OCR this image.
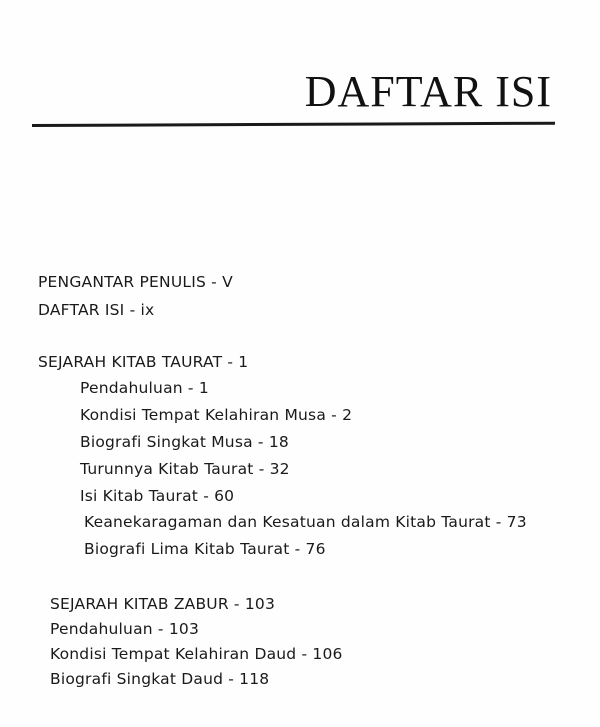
DAFTAR ISI
PENGANTAR PENULIS - V
DAFTAR ISI - ix
SEJARAH KITAB TAURAT - 1
Pendahuluan - 1
Kondisi Tempat Kelahiran Musa - 2
Biografi Singkat Musa - 18
Turunnya Kitab Taurat - 32
Isi Kitab Taurat - 60
Keanekaragaman dan Kesatuan dalam Kitab Taurat - 73
Biografi Lima Kitab Taurat - 76
SEJARAH KITAB ZABUR - 103
Pendahuluan - 103
Kondisi Tempat Kelahiran Daud - 106
Biografi Singkat Daud - 118
